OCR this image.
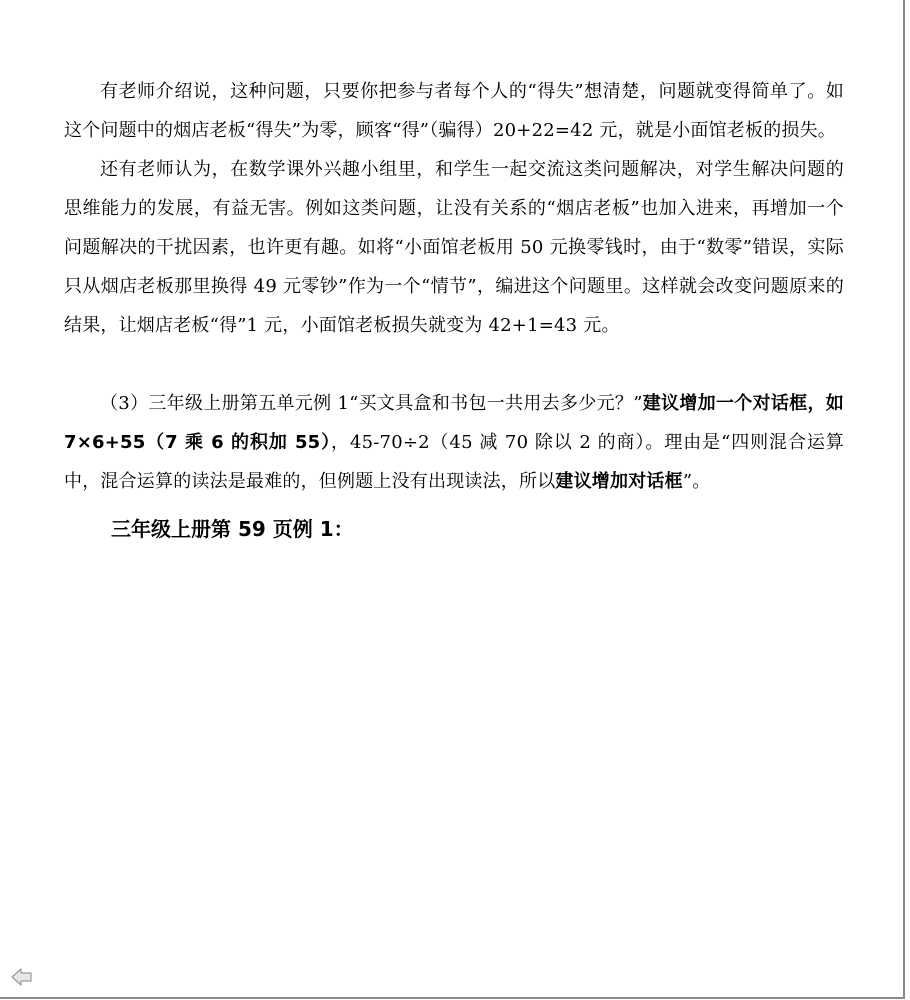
有老师介绍说，这种问题，只要你把参与者每个人的“得失”想清楚，问题就变得简单了。如这个问题中的烟店老板“得失”为零，顾客“得”（骗得）20+22=42 元，就是小面馆老板的损失。

还有老师认为，在数学课外兴趣小组里，和学生一起交流这类问题解决，对学生解决问题的思维能力的发展，有益无害。例如这类问题，让没有关系的“烟店老板”也加入进来，再增加一个问题解决的干扰因素，也许更有趣。如将“小面馆老板用 50 元换零钱时，由于“数零”错误，实际只从烟店老板那里换得 49 元零钞”作为一个“情节”，编进这个问题里。这样就会改变问题原来的结果，让烟店老板“得”1 元，小面馆老板损失就变为 42+1=43 元。

（3）三年级上册第五单元例 1“买文具盒和书包一共用去多少元？”建议增加一个对话框，如 7×6+55（7 乘 6 的积加 55），45-70÷2（45 减 70 除以 2 的商）。理由是“四则混合运算中，混合运算的读法是最难的，但例题上没有出现读法，所以建议增加对话框”。

三年级上册第 59 页例 1：
